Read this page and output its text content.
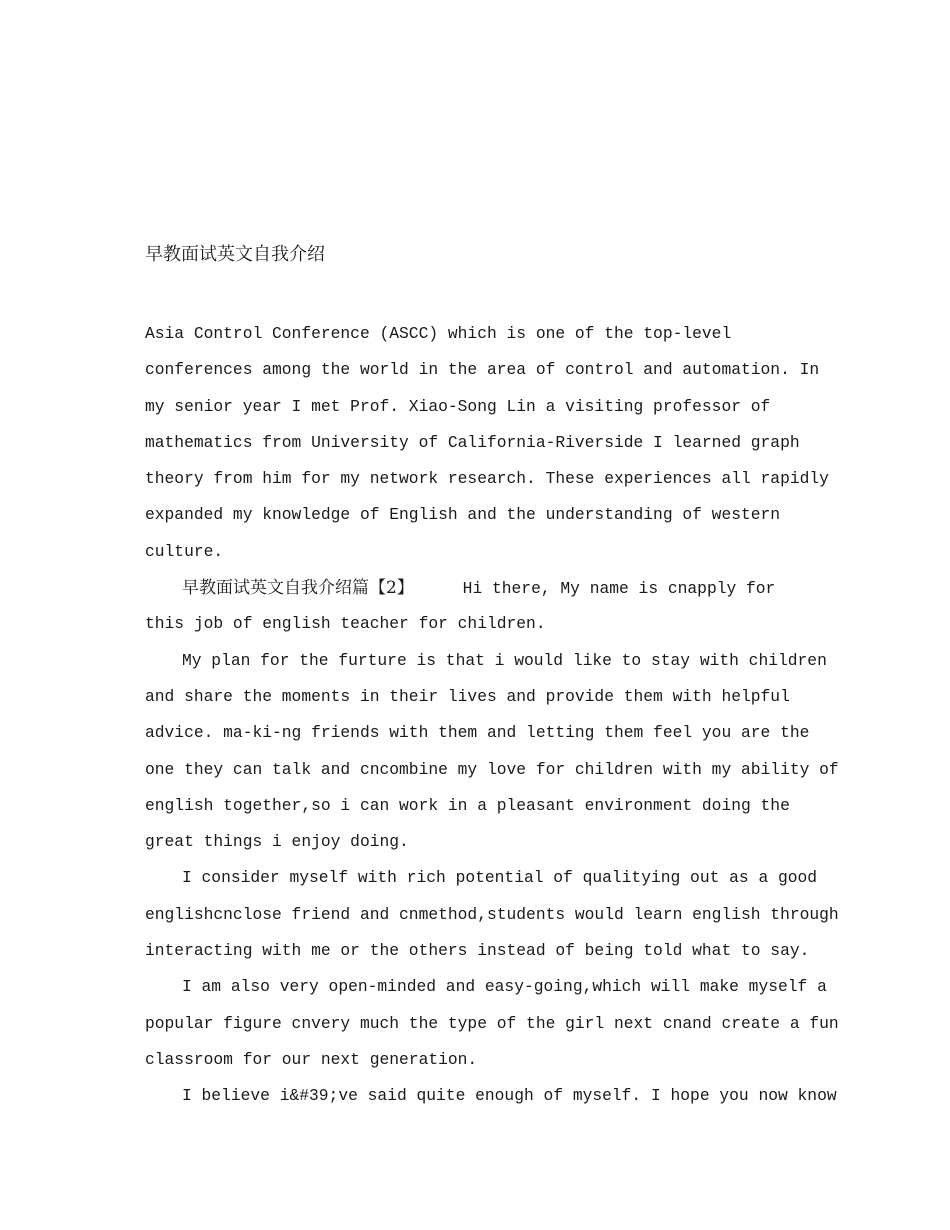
早教面试英文自我介绍
Asia Control Conference (ASCC) which is one of the top-level
conferences among the world in the area of control and automation. In
my senior year I met Prof. Xiao-Song Lin a visiting professor of
mathematics from University of California-Riverside I learned graph
theory from him for my network research. These experiences all rapidly
expanded my knowledge of English and the understanding of western
culture.
早教面试英文自我介绍篇【2】     Hi there, My name is cnapply for
this job of english teacher for children.
My plan for the furture is that i would like to stay with children
and share the moments in their lives and provide them with helpful
advice. ma-ki-ng friends with them and letting them feel you are the
one they can talk and cncombine my love for children with my ability of
english together,so i can work in a pleasant environment doing the
great things i enjoy doing.
I consider myself with rich potential of qualitying out as a good
englishcnclose friend and cnmethod,students would learn english through
interacting with me or the others instead of being told what to say.
I am also very open-minded and easy-going,which will make myself a
popular figure cnvery much the type of the girl next cnand create a fun
classroom for our next generation.
I believe i&#39;ve said quite enough of myself. I hope you now know
